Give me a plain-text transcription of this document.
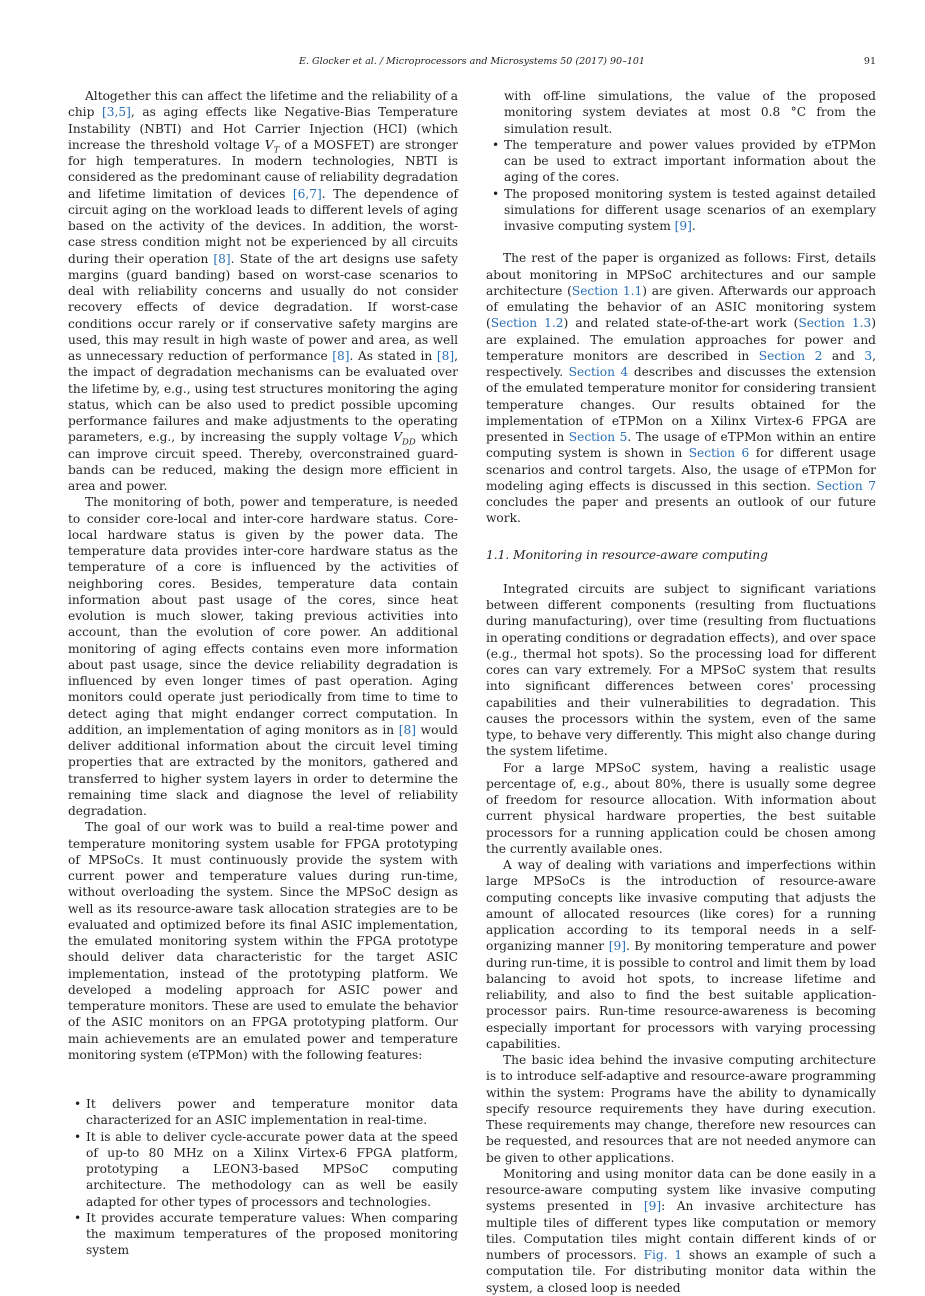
E. Glocker et al. / Microprocessors and Microsystems 50 (2017) 90–101	91

Altogether this can affect the lifetime and the reliability of a chip [3,5], as aging effects like Negative-Bias Temperature Instability (NBTI) and Hot Carrier Injection (HCI) (which increase the threshold voltage $V_T$ of a MOSFET) are stronger for high temperatures. In modern technologies, NBTI is considered as the predominant cause of reliability degradation and lifetime limitation of devices [6,7]. The dependence of circuit aging on the workload leads to different levels of aging based on the activity of the devices. In addition, the worst-case stress condition might not be experienced by all circuits during their operation [8]. State of the art designs use safety margins (guard banding) based on worst-case scenarios to deal with reliability concerns and usually do not consider recovery effects of device degradation. If worst-case conditions occur rarely or if conservative safety margins are used, this may result in high waste of power and area, as well as unnecessary reduction of performance [8]. As stated in [8], the impact of degradation mechanisms can be evaluated over the lifetime by, e.g., using test structures monitoring the aging status, which can be also used to predict possible upcoming performance failures and make adjustments to the operating parameters, e.g., by increasing the supply voltage $V_{DD}$ which can improve circuit speed. Thereby, overconstrained guard-bands can be reduced, making the design more efficient in area and power.

The monitoring of both, power and temperature, is needed to consider core-local and inter-core hardware status. Core-local hardware status is given by the power data. The temperature data provides inter-core hardware status as the temperature of a core is influenced by the activities of neighboring cores. Besides, temperature data contain information about past usage of the cores, since heat evolution is much slower, taking previous activities into account, than the evolution of core power. An additional monitoring of aging effects contains even more information about past usage, since the device reliability degradation is influenced by even longer times of past operation. Aging monitors could operate just periodically from time to time to detect aging that might endanger correct computation. In addition, an implementation of aging monitors as in [8] would deliver additional information about the circuit level timing properties that are extracted by the monitors, gathered and transferred to higher system layers in order to determine the remaining time slack and diagnose the level of reliability degradation.

The goal of our work was to build a real-time power and temperature monitoring system usable for FPGA prototyping of MPSoCs. It must continuously provide the system with current power and temperature values during run-time, without overloading the system. Since the MPSoC design as well as its resource-aware task allocation strategies are to be evaluated and optimized before its final ASIC implementation, the emulated monitoring system within the FPGA prototype should deliver data characteristic for the target ASIC implementation, instead of the prototyping platform. We developed a modeling approach for ASIC power and temperature monitors. These are used to emulate the behavior of the ASIC monitors on an FPGA prototyping platform. Our main achievements are an emulated power and temperature monitoring system (eTPMon) with the following features:

• It delivers power and temperature monitor data characterized for an ASIC implementation in real-time.
• It is able to deliver cycle-accurate power data at the speed of up-to 80 MHz on a Xilinx Virtex-6 FPGA platform, prototyping a LEON3-based MPSoC computing architecture. The methodology can as well be easily adapted for other types of processors and technologies.
• It provides accurate temperature values: When comparing the maximum temperatures of the proposed monitoring system
with off-line simulations, the value of the proposed monitoring system deviates at most 0.8 °C from the simulation result.
• The temperature and power values provided by eTPMon can be used to extract important information about the aging of the cores.
• The proposed monitoring system is tested against detailed simulations for different usage scenarios of an exemplary invasive computing system [9].

The rest of the paper is organized as follows: First, details about monitoring in MPSoC architectures and our sample architecture (Section 1.1) are given. Afterwards our approach of emulating the behavior of an ASIC monitoring system (Section 1.2) and related state-of-the-art work (Section 1.3) are explained. The emulation approaches for power and temperature monitors are described in Section 2 and 3, respectively. Section 4 describes and discusses the extension of the emulated temperature monitor for considering transient temperature changes. Our results obtained for the implementation of eTPMon on a Xilinx Virtex-6 FPGA are presented in Section 5. The usage of eTPMon within an entire computing system is shown in Section 6 for different usage scenarios and control targets. Also, the usage of eTPMon for modeling aging effects is discussed in this section. Section 7 concludes the paper and presents an outlook of our future work.

1.1. Monitoring in resource-aware computing

Integrated circuits are subject to significant variations between different components (resulting from fluctuations during manufacturing), over time (resulting from fluctuations in operating conditions or degradation effects), and over space (e.g., thermal hot spots). So the processing load for different cores can vary extremely. For a MPSoC system that results into significant differences between cores' processing capabilities and their vulnerabilities to degradation. This causes the processors within the system, even of the same type, to behave very differently. This might also change during the system lifetime.

For a large MPSoC system, having a realistic usage percentage of, e.g., about 80%, there is usually some degree of freedom for resource allocation. With information about current physical hardware properties, the best suitable processors for a running application could be chosen among the currently available ones.

A way of dealing with variations and imperfections within large MPSoCs is the introduction of resource-aware computing concepts like invasive computing that adjusts the amount of allocated resources (like cores) for a running application according to its temporal needs in a self-organizing manner [9]. By monitoring temperature and power during run-time, it is possible to control and limit them by load balancing to avoid hot spots, to increase lifetime and reliability, and also to find the best suitable application-processor pairs. Run-time resource-awareness is becoming especially important for processors with varying processing capabilities.

The basic idea behind the invasive computing architecture is to introduce self-adaptive and resource-aware programming within the system: Programs have the ability to dynamically specify resource requirements they have during execution. These requirements may change, therefore new resources can be requested, and resources that are not needed anymore can be given to other applications.

Monitoring and using monitor data can be done easily in a resource-aware computing system like invasive computing systems presented in [9]: An invasive architecture has multiple tiles of different types like computation or memory tiles. Computation tiles might contain different kinds of or numbers of processors. Fig. 1 shows an example of such a computation tile. For distributing monitor data within the system, a closed loop is needed
